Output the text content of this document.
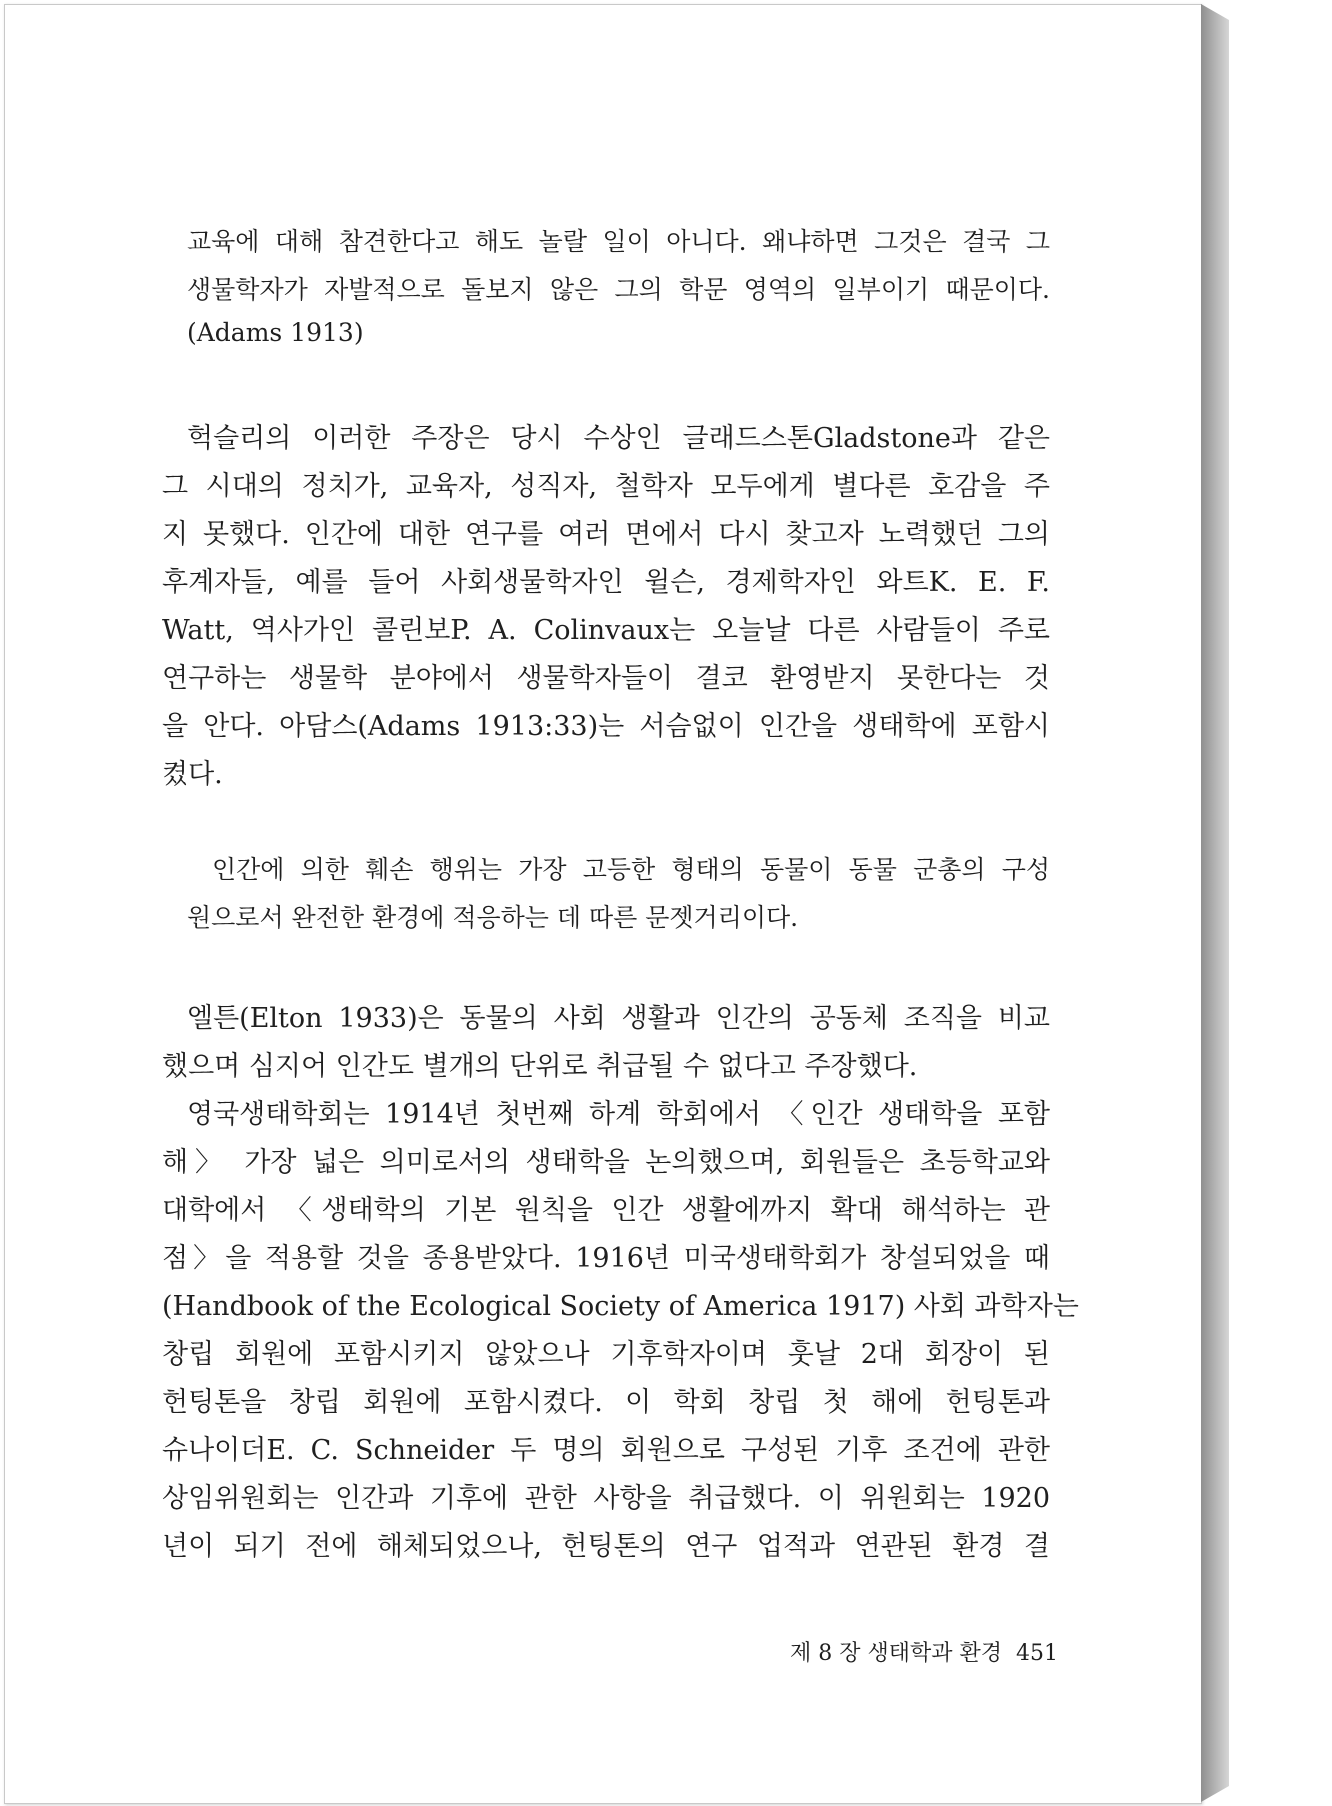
교육에 대해 참견한다고 해도 놀랄 일이 아니다. 왜냐하면 그것은 결국 그
생물학자가 자발적으로 돌보지 않은 그의 학문 영역의 일부이기 때문이다.
(Adams 1913)
헉슬리의 이러한 주장은 당시 수상인 글래드스톤Gladstone과 같은
그 시대의 정치가, 교육자, 성직자, 철학자 모두에게 별다른 호감을 주
지 못했다. 인간에 대한 연구를 여러 면에서 다시 찾고자 노력했던 그의
후계자들, 예를 들어 사회생물학자인 윌슨, 경제학자인 와트K. E. F.
Watt, 역사가인 콜린보P. A. Colinvaux는 오늘날 다른 사람들이 주로
연구하는 생물학 분야에서 생물학자들이 결코 환영받지 못한다는 것
을 안다. 아담스(Adams 1913:33)는 서슴없이 인간을 생태학에 포함시
켰다.
인간에 의한 훼손 행위는 가장 고등한 형태의 동물이 동물 군총의 구성
원으로서 완전한 환경에 적응하는 데 따른 문젯거리이다.
엘튼(Elton 1933)은 동물의 사회 생활과 인간의 공동체 조직을 비교
했으며 심지어 인간도 별개의 단위로 취급될 수 없다고 주장했다.
영국생태학회는 1914년 첫번째 하계 학회에서 〈인간 생태학을 포함
해〉 가장 넓은 의미로서의 생태학을 논의했으며, 회원들은 초등학교와
대학에서 〈생태학의 기본 원칙을 인간 생활에까지 확대 해석하는 관
점〉을 적용할 것을 종용받았다. 1916년 미국생태학회가 창설되었을 때
(Handbook of the Ecological Society of America 1917) 사회 과학자는
창립 회원에 포함시키지 않았으나 기후학자이며 훗날 2대 회장이 된
헌팅톤을 창립 회원에 포함시켰다. 이 학회 창립 첫 해에 헌팅톤과
슈나이더E. C. Schneider 두 명의 회원으로 구성된 기후 조건에 관한
상임위원회는 인간과 기후에 관한 사항을 취급했다. 이 위원회는 1920
년이 되기 전에 해체되었으나, 헌팅톤의 연구 업적과 연관된 환경 결
제 8 장 생태학과 환경 451
